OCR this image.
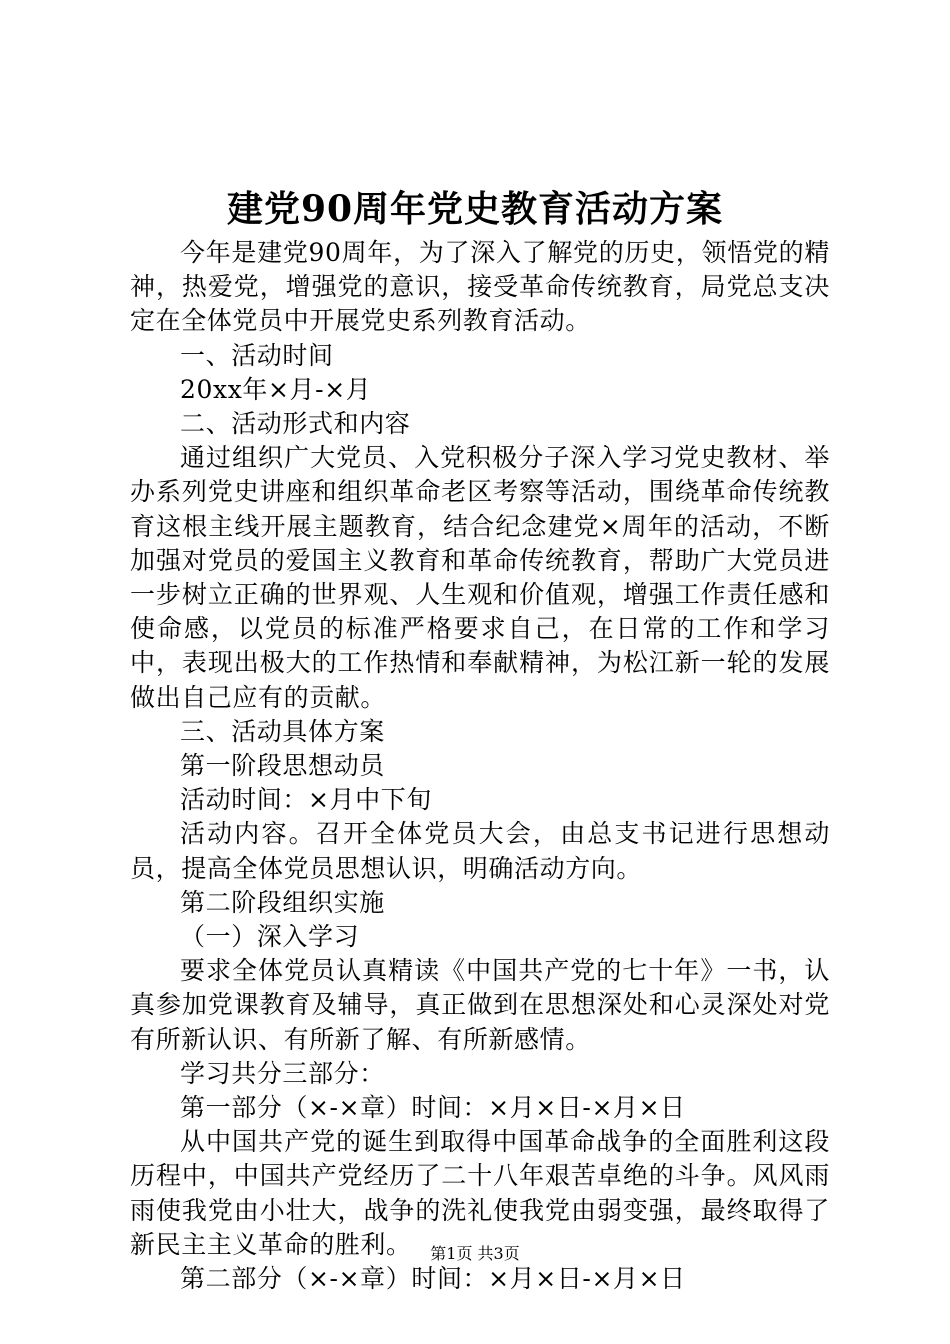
建党90周年党史教育活动方案

今年是建党90周年，为了深入了解党的历史，领悟党的精神，热爱党，增强党的意识，接受革命传统教育，局党总支决定在全体党员中开展党史系列教育活动。

一、活动时间

20xx年×月-×月

二、活动形式和内容

通过组织广大党员、入党积极分子深入学习党史教材、举办系列党史讲座和组织革命老区考察等活动，围绕革命传统教育这根主线开展主题教育，结合纪念建党×周年的活动，不断加强对党员的爱国主义教育和革命传统教育，帮助广大党员进一步树立正确的世界观、人生观和价值观，增强工作责任感和使命感，以党员的标准严格要求自己，在日常的工作和学习中，表现出极大的工作热情和奉献精神，为松江新一轮的发展做出自己应有的贡献。

三、活动具体方案

第一阶段思想动员

活动时间：×月中下旬

活动内容。召开全体党员大会，由总支书记进行思想动员，提高全体党员思想认识，明确活动方向。

第二阶段组织实施

（一）深入学习

要求全体党员认真精读《中国共产党的七十年》一书，认真参加党课教育及辅导，真正做到在思想深处和心灵深处对党有所新认识、有所新了解、有所新感情。

学习共分三部分：

第一部分（×-×章）时间：×月×日-×月×日

从中国共产党的诞生到取得中国革命战争的全面胜利这段历程中，中国共产党经历了二十八年艰苦卓绝的斗争。风风雨雨使我党由小壮大，战争的洗礼使我党由弱变强，最终取得了新民主主义革命的胜利。

第二部分（×-×章）时间：×月×日-×月×日

第1页 共3页
